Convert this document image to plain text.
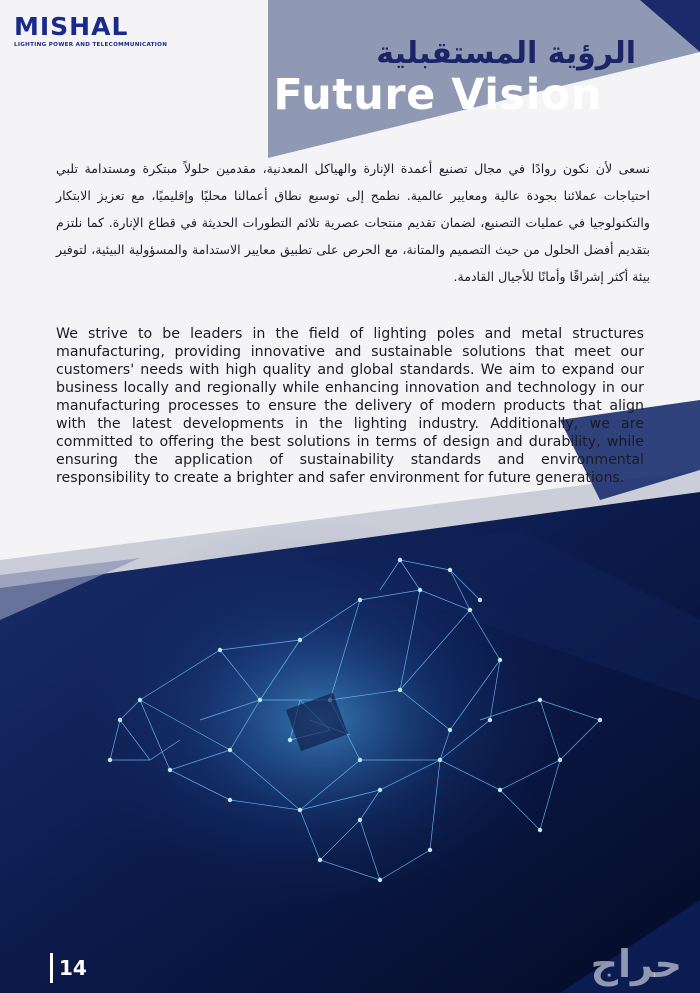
MISHAL
LIGHTING POWER AND TELECOMMUNICATION	الرؤية المستقبلية
Future Vision

نسعى لأن نكون روادًا في مجال تصنيع أعمدة الإنارة والهياكل المعدنية، مقدمين حلولاً مبتكرة ومستدامة تلبي احتياجات عملائنا بجودة عالية ومعايير عالمية. نطمح إلى توسيع نطاق أعمالنا محليًا وإقليميًا، مع تعزيز الابتكار والتكنولوجيا في عمليات التصنيع، لضمان تقديم منتجات عصرية تلائم التطورات الحديثة في قطاع الإنارة. كما نلتزم بتقديم أفضل الحلول من حيث التصميم والمتانة، مع الحرص على تطبيق معايير الاستدامة والمسؤولية البيئية، لتوفير بيئة أكثر إشراقًا وأمانًا للأجيال القادمة.

We strive to be leaders in the field of lighting poles and metal structures manufacturing, providing innovative and sustainable solutions that meet our customers' needs with high quality and global standards. We aim to expand our business locally and regionally while enhancing innovation and technology in our manufacturing processes to ensure the delivery of modern products that align with the latest developments in the lighting industry. Additionally, we are committed to offering the best solutions in terms of design and durability, while ensuring the application of sustainability standards and environmental responsibility to create a brighter and safer environment for future generations.

14	حراج
